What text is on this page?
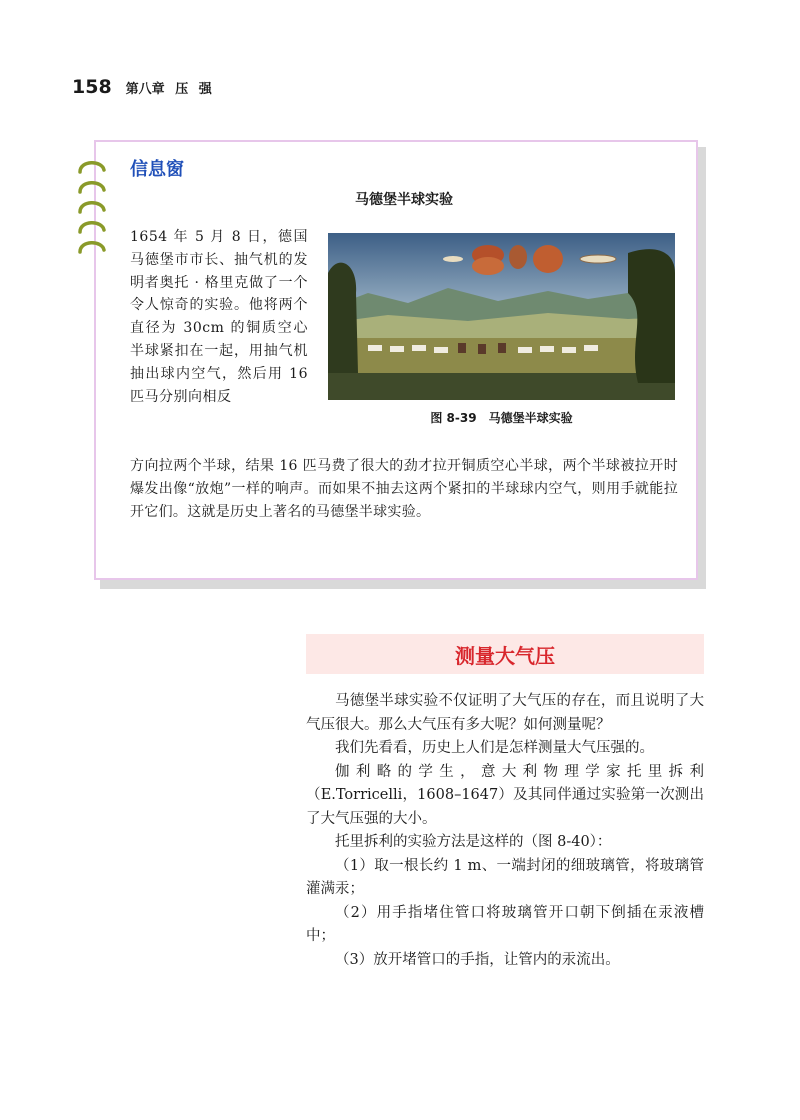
158 第八章 压 强
信息窗
马德堡半球实验
1654 年 5 月 8 日，德国马德堡市市长、抽气机的发明者奥托 · 格里克做了一个令人惊奇的实验。他将两个直径为 30cm 的铜质空心半球紧扣在一起，用抽气机抽出球内空气，然后用 16 匹马分别向相反
图 8-39 马德堡半球实验
方向拉两个半球，结果 16 匹马费了很大的劲才拉开铜质空心半球，两个半球被拉开时爆发出像“放炮”一样的响声。而如果不抽去这两个紧扣的半球球内空气，则用手就能拉开它们。这就是历史上著名的马德堡半球实验。
测量大气压

马德堡半球实验不仅证明了大气压的存在，而且说明了大气压很大。那么大气压有多大呢？如何测量呢？

我们先看看，历史上人们是怎样测量大气压强的。

伽利略的学生，意大利物理学家托里拆利（E.Torricelli，1608–1647）及其同伴通过实验第一次测出了大气压强的大小。

托里拆利的实验方法是这样的（图 8-40）：

（1）取一根长约 1 m、一端封闭的细玻璃管，将玻璃管灌满汞；

（2）用手指堵住管口将玻璃管开口朝下倒插在汞液槽中；

（3）放开堵管口的手指，让管内的汞流出。
